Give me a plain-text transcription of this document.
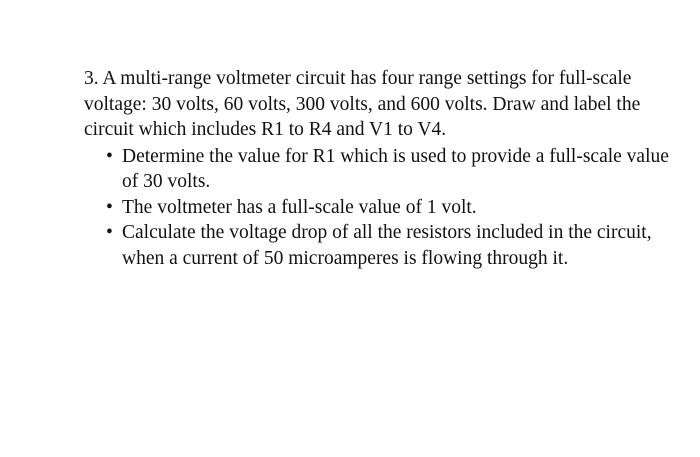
3. A multi-range voltmeter circuit has four range settings for full-scale voltage: 30 volts, 60 volts, 300 volts, and 600 volts. Draw and label the circuit which includes R1 to R4 and V1 to V4.

• Determine the value for R1 which is used to provide a full-scale value of 30 volts.
• The voltmeter has a full-scale value of 1 volt.
• Calculate the voltage drop of all the resistors included in the circuit, when a current of 50 microamperes is flowing through it.
